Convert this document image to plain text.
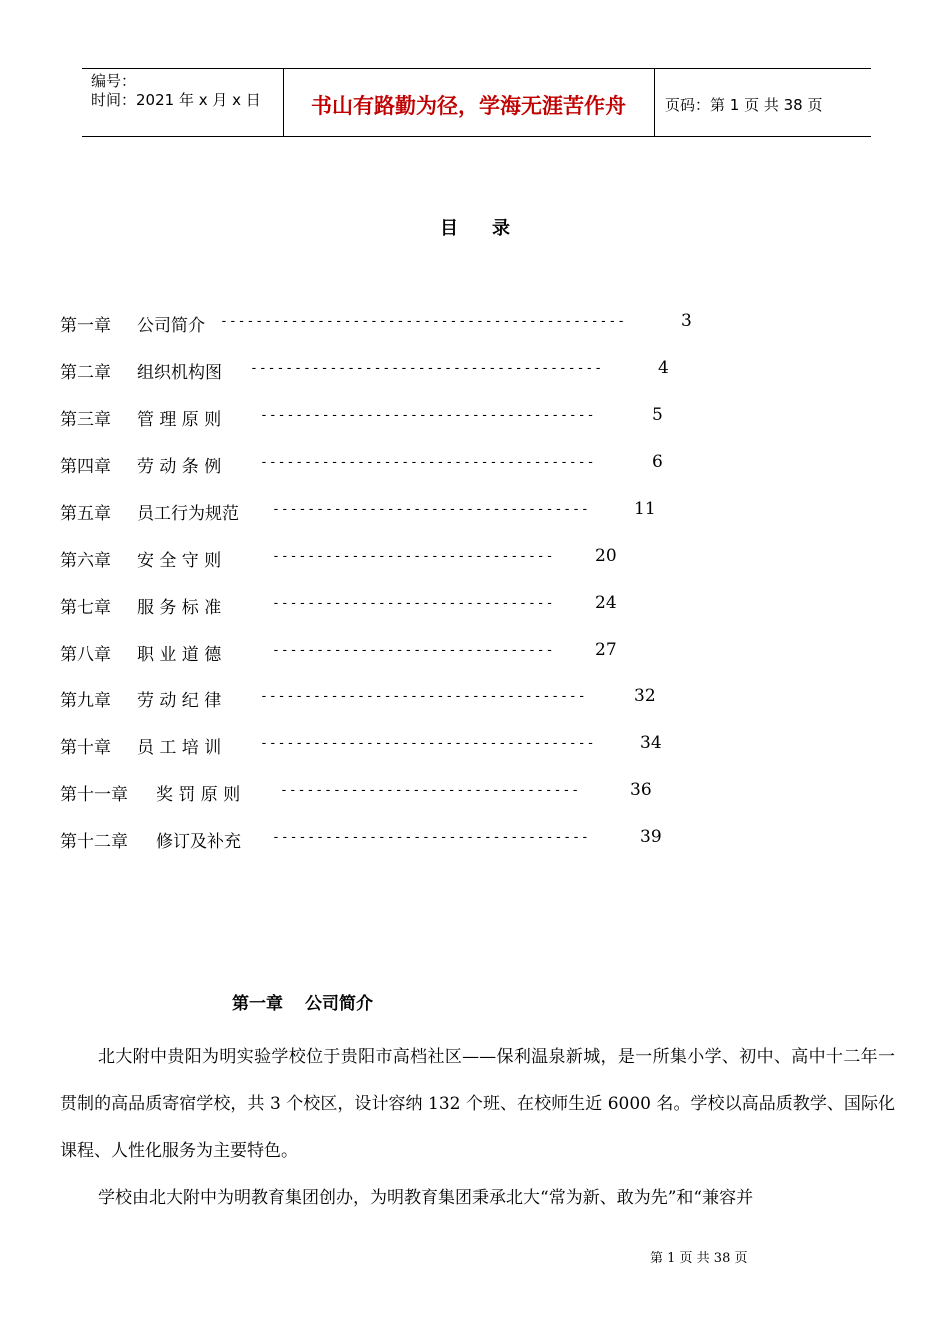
编号：
时间：2021 年 x 月 x 日	书山有路勤为径，学海无涯苦作舟	页码：第 1 页 共 38 页
目录
第一章 公司简介 ----------------------------------------------	3
第二章 组织机构图 ----------------------------------------	4
第三章 管 理 原 则	--------------------------------------	5
第四章 劳 动 条 例	--------------------------------------	6
第五章 员工行为规范	------------------------------------	11
第六章 安 全 守 则	-------------------------------- 20
第七章 服 务 标 准	-------------------------------- 24
第八章 职 业 道 德	-------------------------------- 27
第九章 劳 动 纪 律	-------------------------------------	32
第十章 员 工 培 训	--------------------------------------	34
第十一章 奖 罚 原 则	----------------------------------	36
第十二章 修订及补充 ------------------------------------	39
第一章 公司简介

北大附中贵阳为明实验学校位于贵阳市高档社区——保利温泉新城，是一所集小学、初中、高中十二年一贯制的高品质寄宿学校，共 3 个校区，设计容纳 132 个班、在校师生近 6000 名。学校以高品质教学、国际化课程、人性化服务为主要特色。

学校由北大附中为明教育集团创办，为明教育集团秉承北大“常为新、敢为先”和“兼容并

第 1 页 共 38 页
